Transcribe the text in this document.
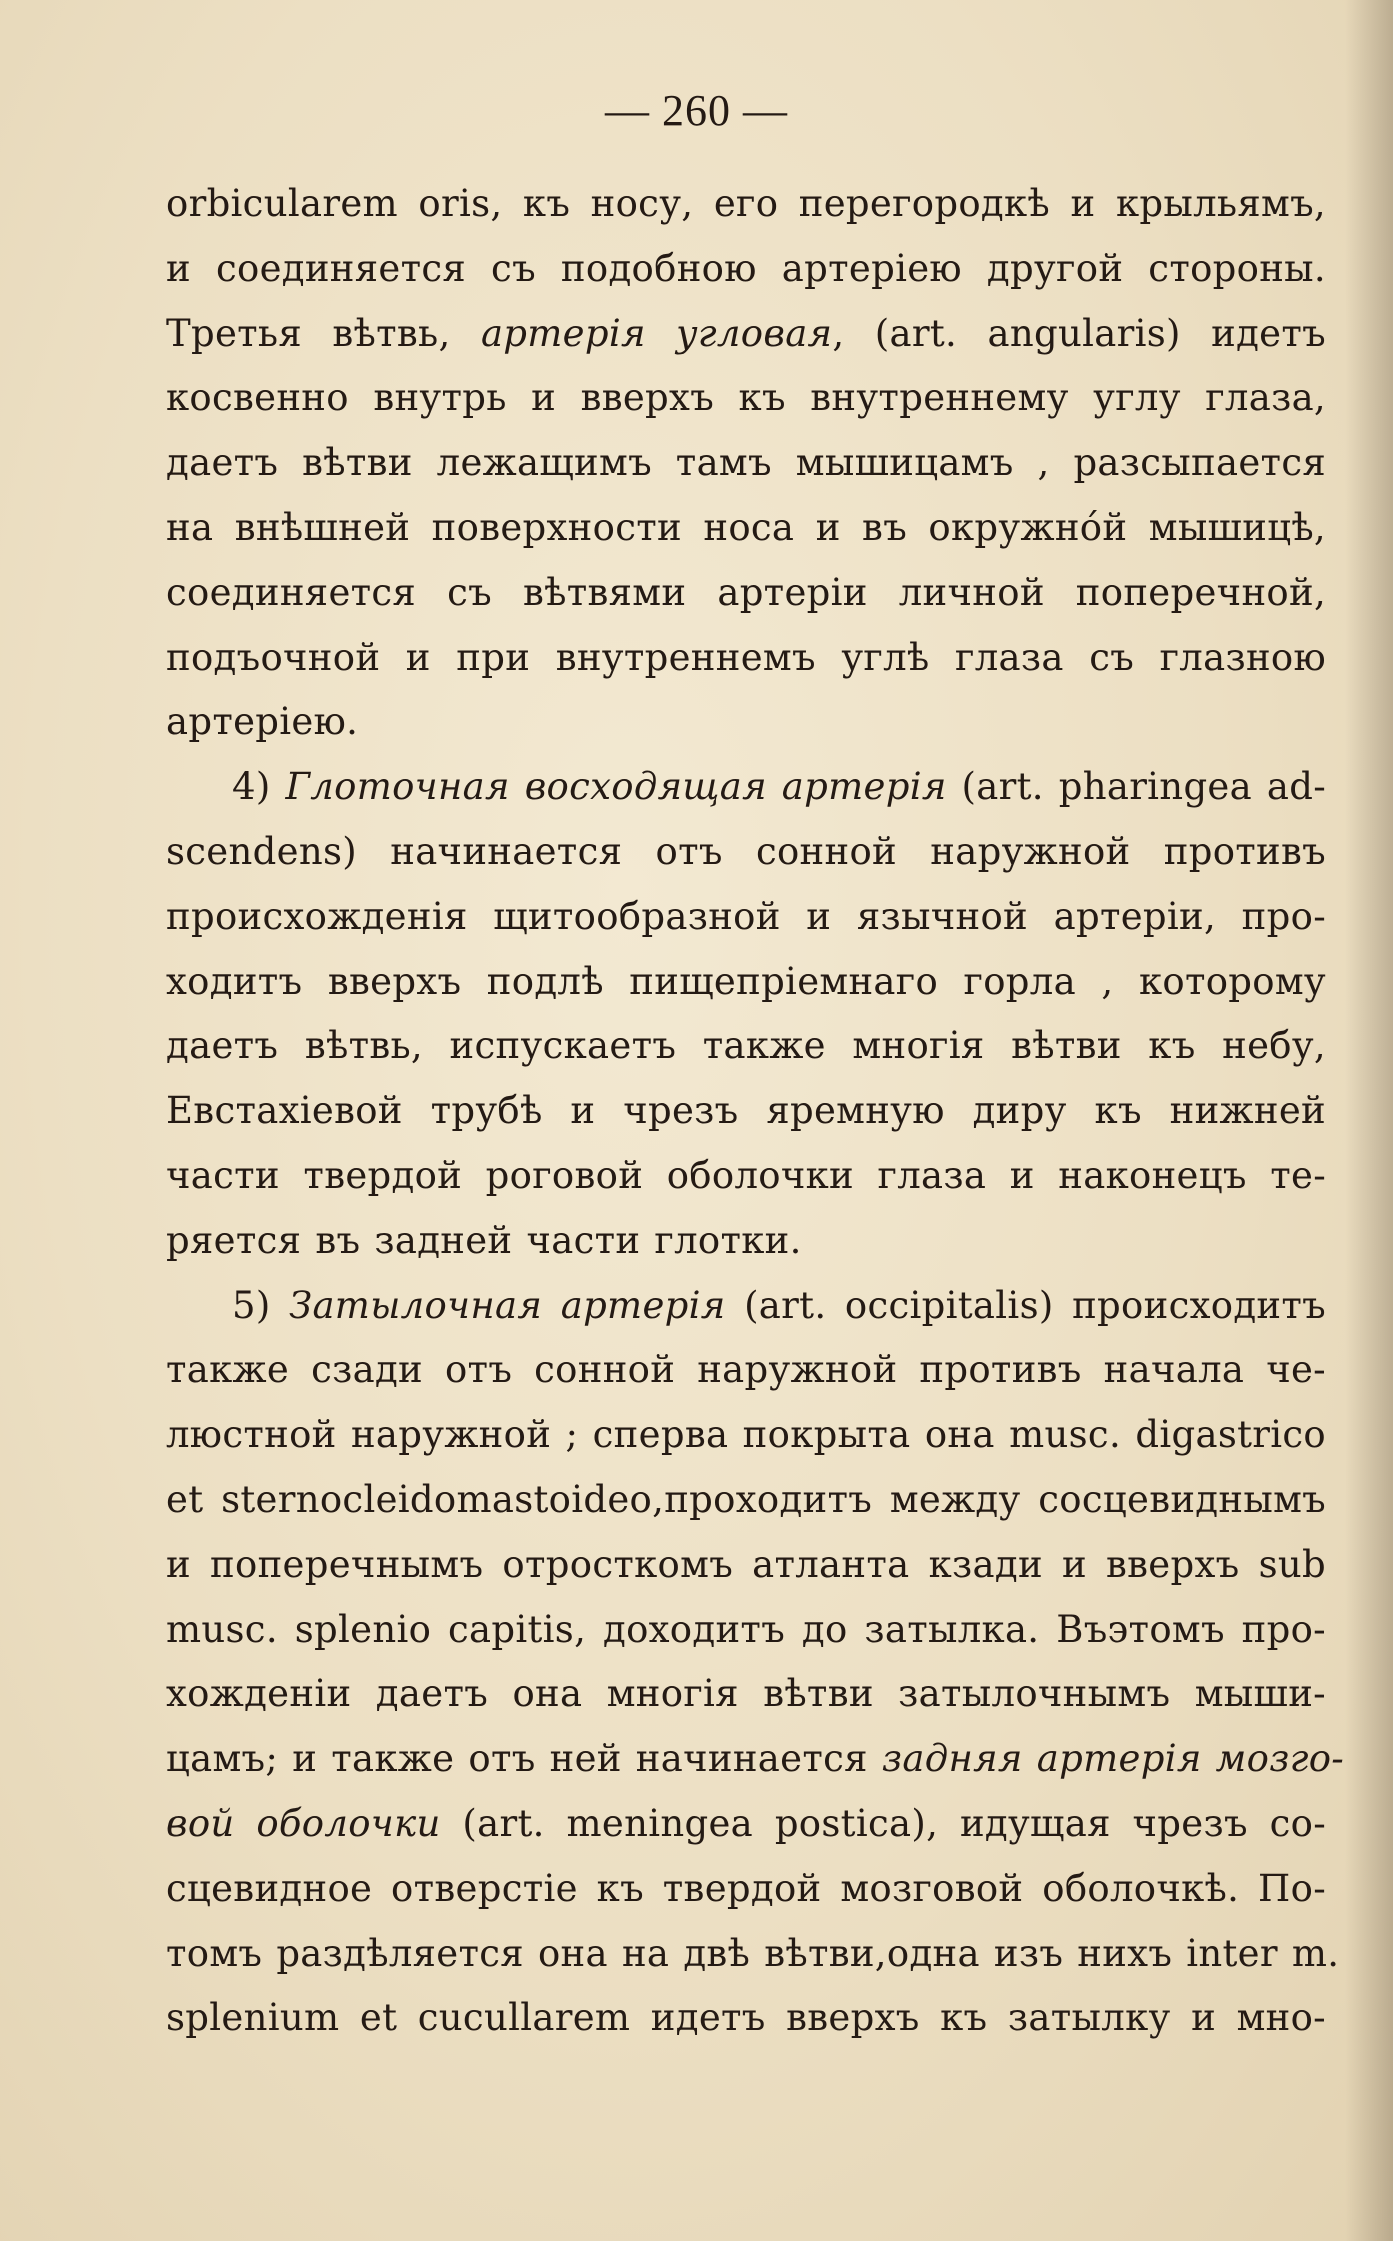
— 260 —
orbicularem oris, къ носу, его перегородкѣ и крыльямъ,
и соединяется съ подобною артеріею другой стороны.
Третья вѣтвь, артерія угловая, (art. angularis) идетъ
косвенно внутрь и вверхъ къ внутреннему углу глаза,
даетъ вѣтви лежащимъ тамъ мышицамъ , разсыпается
на внѣшней поверхности носа и въ окружно́й мышицѣ,
соединяется съ вѣтвями артеріи личной поперечной,
подъочной и при внутреннемъ углѣ глаза съ глазною
артеріею.
4) Глоточная восходящая артерія (art. pharingea ad-
scendens) начинается отъ сонной наружной противъ
происхожденія щитообразной и язычной артеріи, про-
ходитъ вверхъ подлѣ пищепріемнаго горла , которому
даетъ вѣтвь, испускаетъ также многія вѣтви къ небу,
Евстахіевой трубѣ и чрезъ яремную диру къ нижней
части твердой роговой оболочки глаза и наконецъ те-
ряется въ задней части глотки.
5) Затылочная артерія (art. occipitalis) происходитъ
также сзади отъ сонной наружной противъ начала че-
люстной наружной ; сперва покрыта она musc. digastrico
et sternocleidomastoideo,проходитъ между сосцевиднымъ
и поперечнымъ отросткомъ атланта кзади и вверхъ sub
musc. splenio capitis, доходитъ до затылка. Въэтомъ про-
хожденіи даетъ она многія вѣтви затылочнымъ мыши-
цамъ; и также отъ ней начинается задняя артерія мозго-
вой оболочки (art. meningea postica), идущая чрезъ со-
сцевидное отверстіе къ твердой мозговой оболочкѣ. По-
томъ раздѣляется она на двѣ вѣтви,одна изъ нихъ inter m.
splenium et cucullarem идетъ вверхъ къ затылку и мно-
